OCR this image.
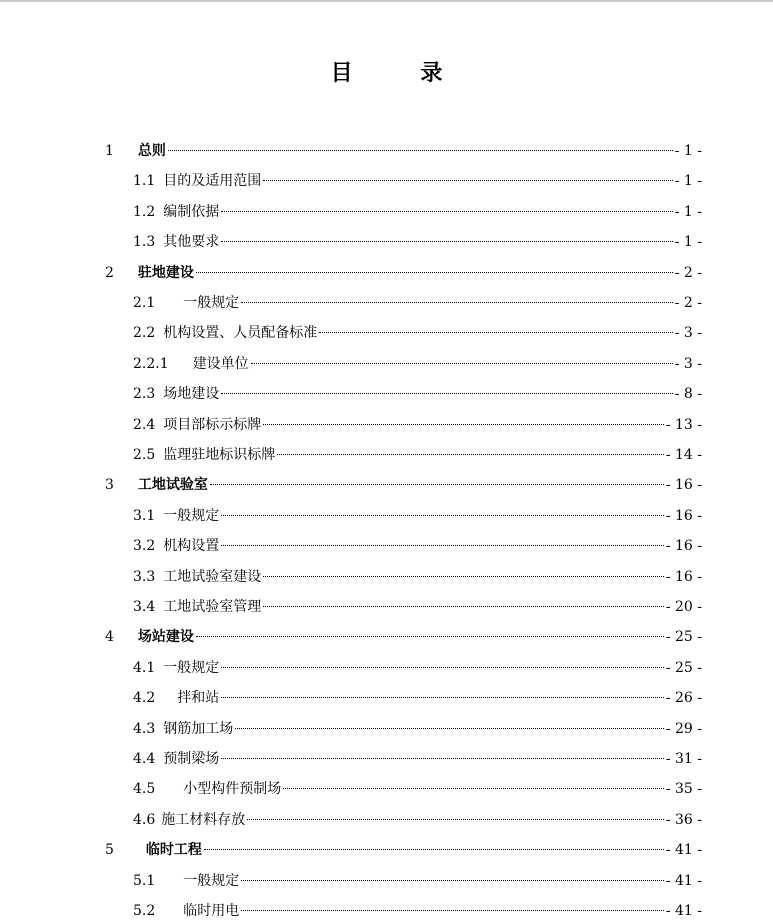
目 录
1 总则	- 1 -
1.1 目的及适用范围	- 1 -
1.2 编制依据	- 1 -
1.3 其他要求	- 1 -
2 驻地建设	- 2 -
2.1 一般规定	- 2 -
2.2 机构设置、人员配备标准	- 3 -
2.2.1 建设单位	- 3 -
2.3 场地建设	- 8 -
2.4 项目部标示标牌	- 13 -
2.5 监理驻地标识标牌	- 14 -
3 工地试验室	- 16 -
3.1 一般规定	- 16 -
3.2 机构设置	- 16 -
3.3 工地试验室建设	- 16 -
3.4 工地试验室管理	- 20 -
4 场站建设	- 25 -
4.1 一般规定	- 25 -
4.2 拌和站	- 26 -
4.3 钢筋加工场	- 29 -
4.4 预制梁场	- 31 -
4.5 小型构件预制场	- 35 -
4.6 施工材料存放	- 36 -
5 临时工程	- 41 -
5.1 一般规定	- 41 -
5.2 临时用电	- 41 -
